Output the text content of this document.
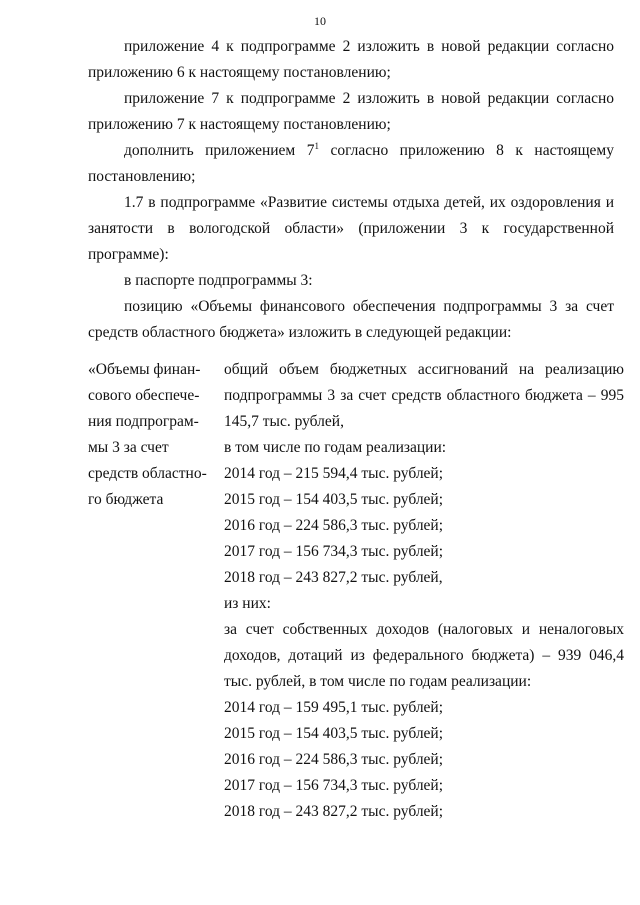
10

приложение 4 к подпрограмме 2 изложить в новой редакции согласно приложению 6 к настоящему постановлению;

приложение 7 к подпрограмме 2 изложить в новой редакции согласно приложению 7 к настоящему постановлению;

дополнить приложением $7^1$ согласно приложению 8 к настоящему постановлению;

1.7 в подпрограмме «Развитие системы отдыха детей, их оздоровления и занятости в вологодской области» (приложении 3 к государственной программе):

в паспорте подпрограммы 3:

позицию «Объемы финансового обеспечения подпрограммы 3 за счет средств областного бюджета» изложить в следующей редакции:

«Объемы финан-
сового обеспече-
ния подпрограм-
мы 3 за счет
средств областно-
го бюджета
общий объем бюджетных ассигнований на реализацию подпрограммы 3 за счет средств областного бюджета – 995 145,7 тыс. рублей,
в том числе по годам реализации:
2014 год – 215 594,4 тыс. рублей;
2015 год – 154 403,5 тыс. рублей;
2016 год – 224 586,3 тыс. рублей;
2017 год – 156 734,3 тыс. рублей;
2018 год – 243 827,2 тыс. рублей,
из них:
за счет собственных доходов (налоговых и неналоговых доходов, дотаций из федерального бюджета) – 939 046,4 тыс. рублей, в том числе по годам реализации:
2014 год – 159 495,1 тыс. рублей;
2015 год – 154 403,5 тыс. рублей;
2016 год – 224 586,3 тыс. рублей;
2017 год – 156 734,3 тыс. рублей;
2018 год – 243 827,2 тыс. рублей;
